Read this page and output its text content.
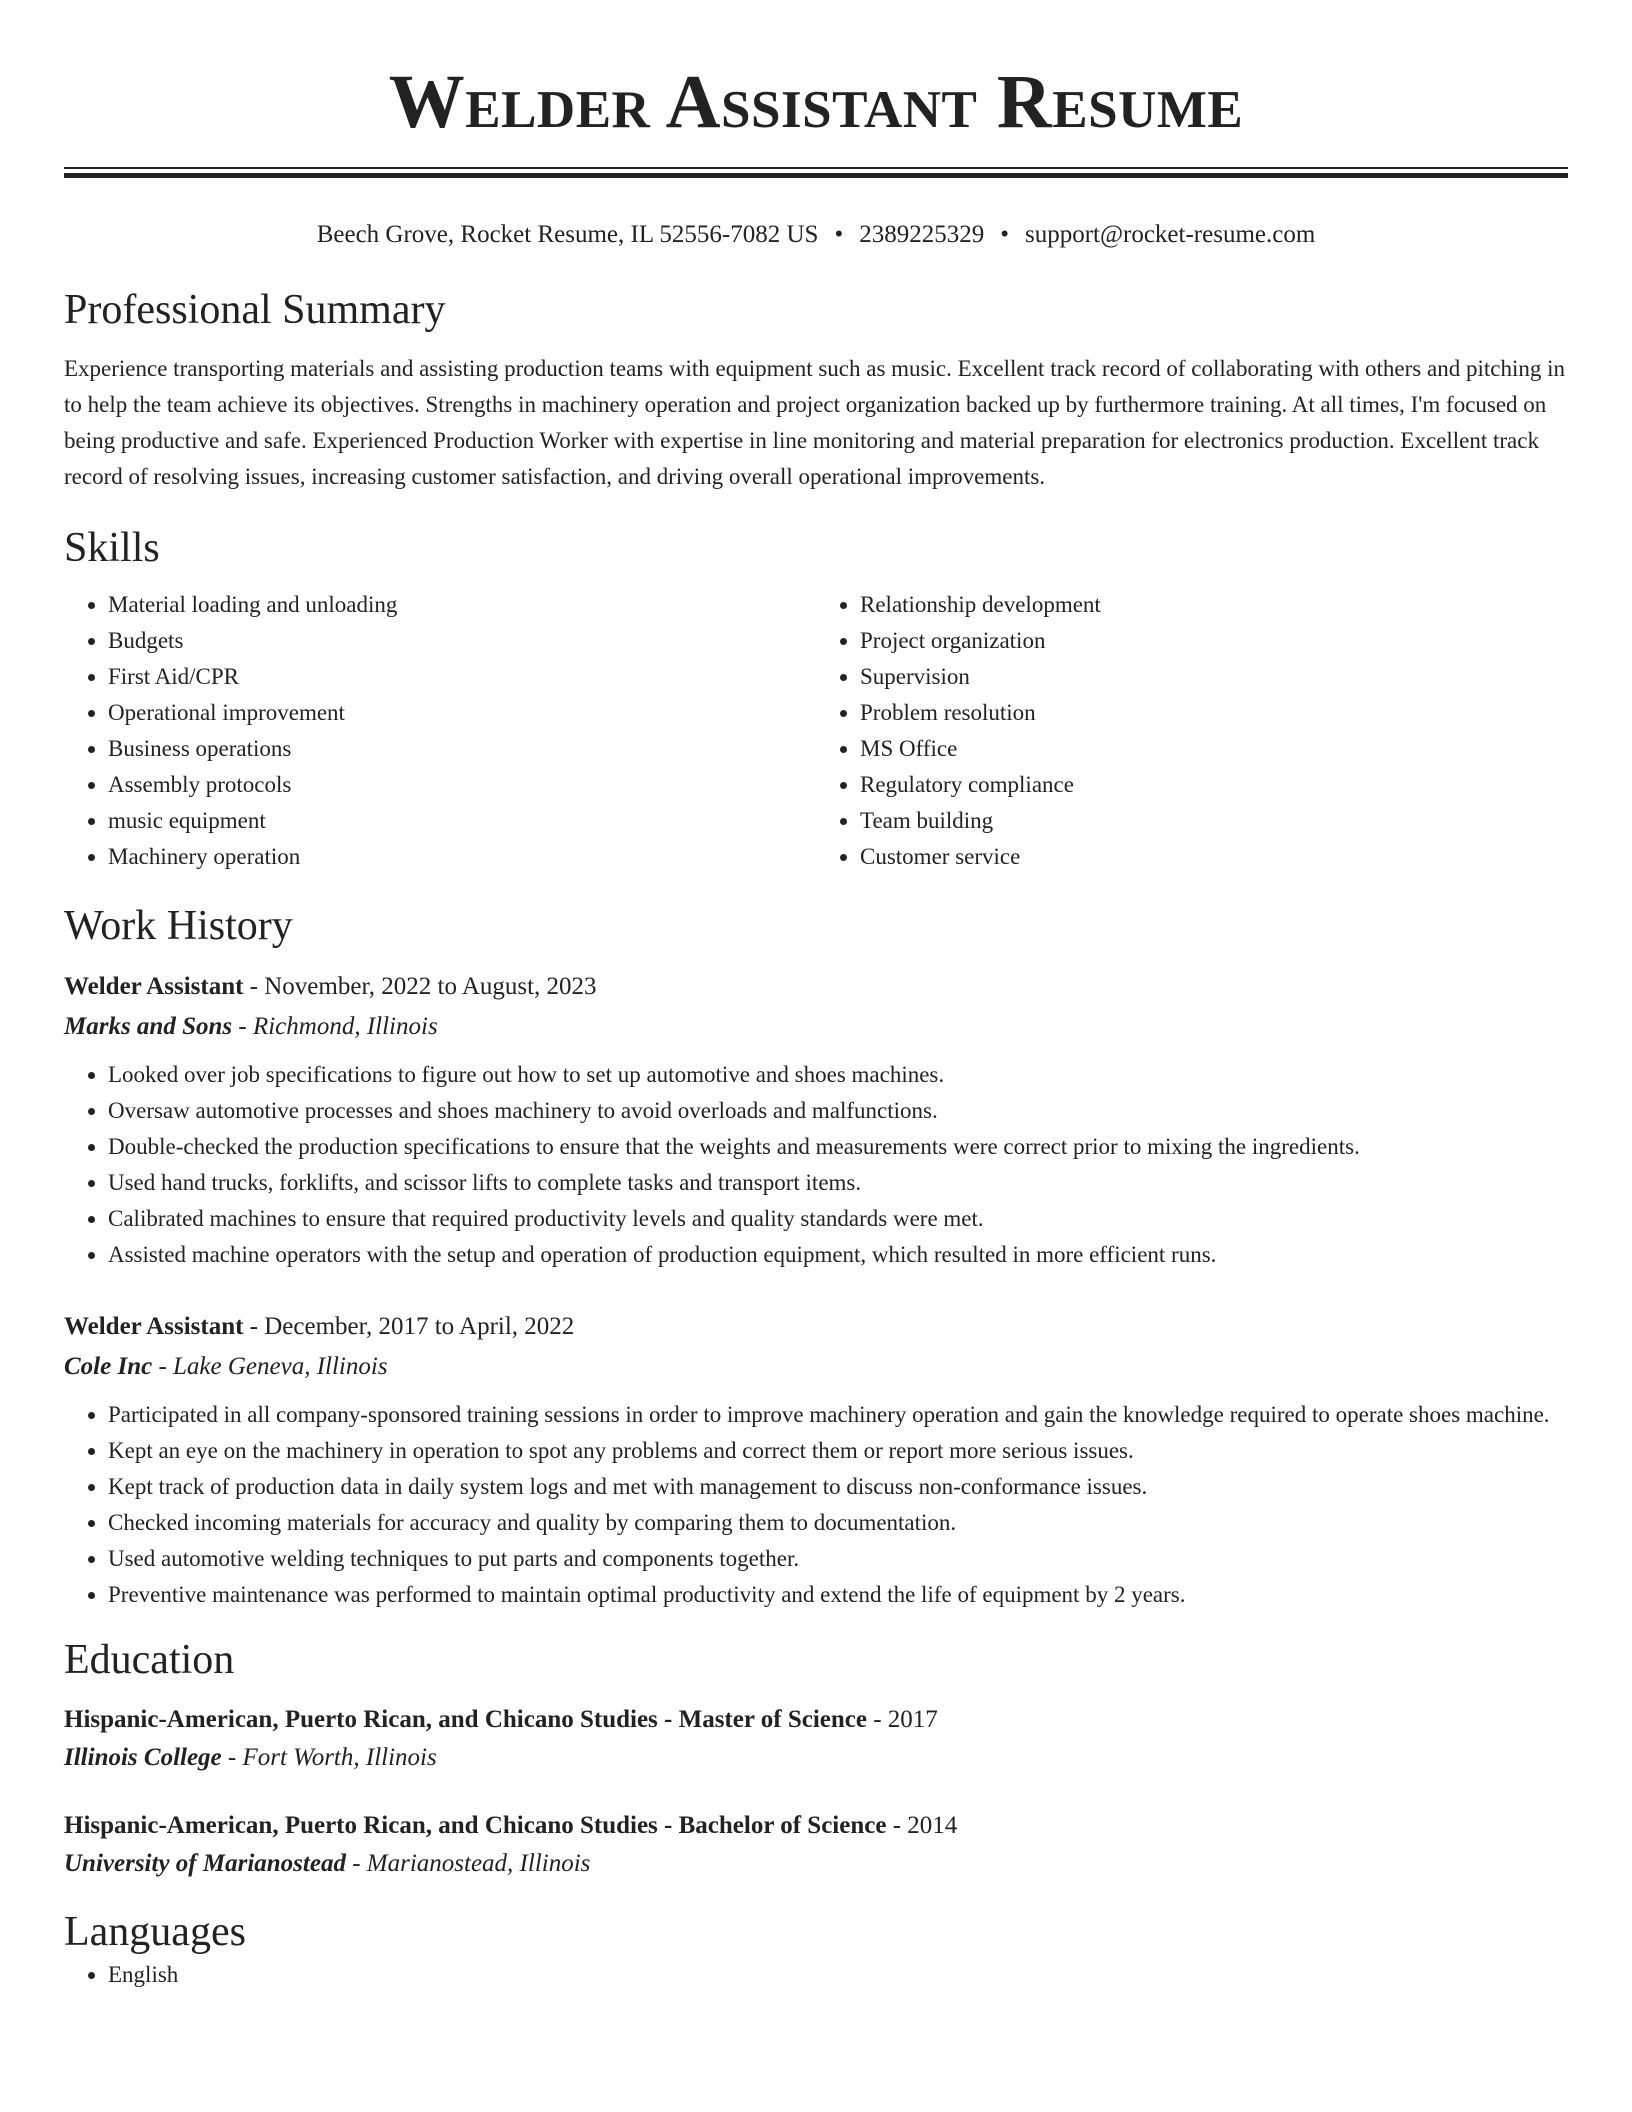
Welder Assistant Resume
Beech Grove, Rocket Resume, IL 52556-7082 US • 2389225329 • support@rocket-resume.com
Professional Summary
Experience transporting materials and assisting production teams with equipment such as music. Excellent track record of collaborating with others and pitching in to help the team achieve its objectives. Strengths in machinery operation and project organization backed up by furthermore training. At all times, I'm focused on being productive and safe. Experienced Production Worker with expertise in line monitoring and material preparation for electronics production. Excellent track record of resolving issues, increasing customer satisfaction, and driving overall operational improvements.
Skills
• Material loading and unloading
• Budgets
• First Aid/CPR
• Operational improvement
• Business operations
• Assembly protocols
• music equipment
• Machinery operation
• Relationship development
• Project organization
• Supervision
• Problem resolution
• MS Office
• Regulatory compliance
• Team building
• Customer service
Work History
Welder Assistant - November, 2022 to August, 2023
Marks and Sons - Richmond, Illinois
• Looked over job specifications to figure out how to set up automotive and shoes machines.
• Oversaw automotive processes and shoes machinery to avoid overloads and malfunctions.
• Double-checked the production specifications to ensure that the weights and measurements were correct prior to mixing the ingredients.
• Used hand trucks, forklifts, and scissor lifts to complete tasks and transport items.
• Calibrated machines to ensure that required productivity levels and quality standards were met.
• Assisted machine operators with the setup and operation of production equipment, which resulted in more efficient runs.
Welder Assistant - December, 2017 to April, 2022
Cole Inc - Lake Geneva, Illinois
• Participated in all company-sponsored training sessions in order to improve machinery operation and gain the knowledge required to operate shoes machine.
• Kept an eye on the machinery in operation to spot any problems and correct them or report more serious issues.
• Kept track of production data in daily system logs and met with management to discuss non-conformance issues.
• Checked incoming materials for accuracy and quality by comparing them to documentation.
• Used automotive welding techniques to put parts and components together.
• Preventive maintenance was performed to maintain optimal productivity and extend the life of equipment by 2 years.
Education
Hispanic-American, Puerto Rican, and Chicano Studies - Master of Science - 2017
Illinois College - Fort Worth, Illinois
Hispanic-American, Puerto Rican, and Chicano Studies - Bachelor of Science - 2014
University of Marianostead - Marianostead, Illinois
Languages
• English
